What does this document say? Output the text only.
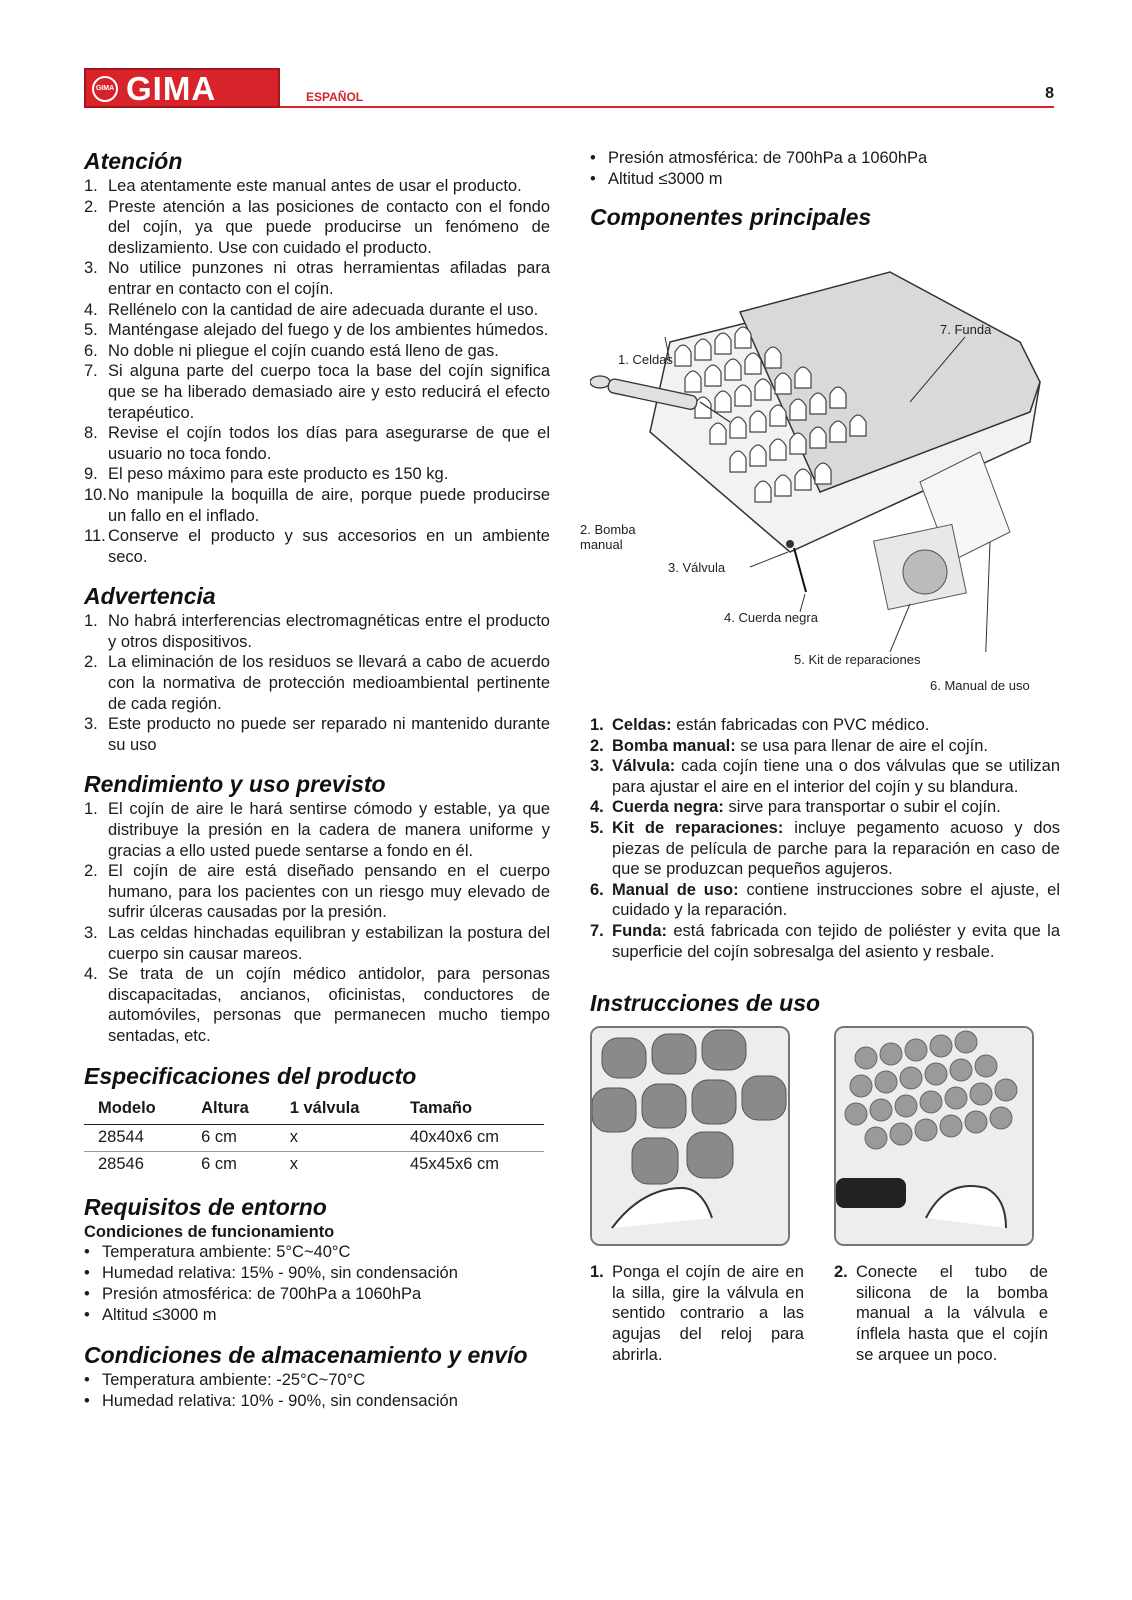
GIMA GIMA	ESPAÑOL	8
Atención
1. Lea atentamente este manual antes de usar el producto.
2. Preste atención a las posiciones de contacto con el fondo del cojín, ya que puede producirse un fenómeno de deslizamiento. Use con cuidado el producto.
3. No utilice punzones ni otras herramientas afiladas para entrar en contacto con el cojín.
4. Rellénelo con la cantidad de aire adecuada durante el uso.
5. Manténgase alejado del fuego y de los ambientes húmedos.
6. No doble ni pliegue el cojín cuando está lleno de gas.
7. Si alguna parte del cuerpo toca la base del cojín significa que se ha liberado demasiado aire y esto reducirá el efecto terapéutico.
8. Revise el cojín todos los días para asegurarse de que el usuario no toca fondo.
9. El peso máximo para este producto es 150 kg.
10. No manipule la boquilla de aire, porque puede producirse un fallo en el inflado.
11. Conserve el producto y sus accesorios en un ambiente seco.
Advertencia
1. No habrá interferencias electromagnéticas entre el producto y otros dispositivos.
2. La eliminación de los residuos se llevará a cabo de acuerdo con la normativa de protección medioambiental pertinente de cada región.
3. Este producto no puede ser reparado ni mantenido durante su uso
Rendimiento y uso previsto
1. El cojín de aire le hará sentirse cómodo y estable, ya que distribuye la presión en la cadera de manera uniforme y gracias a ello usted puede sentarse a fondo en él.
2. El cojín de aire está diseñado pensando en el cuerpo humano, para los pacientes con un riesgo muy elevado de sufrir úlceras causadas por la presión.
3. Las celdas hinchadas equilibran y estabilizan la postura del cuerpo sin causar mareos.
4. Se trata de un cojín médico antidolor, para personas discapacitadas, ancianos, oficinistas, conductores de automóviles, personas que permanecen mucho tiempo sentadas, etc.
Especificaciones del producto
Modelo	Altura	1 válvula	Tamaño
28544	6 cm	x	40x40x6 cm
28546	6 cm	x	45x45x6 cm
Requisitos de entorno
Condiciones de funcionamiento
• Temperatura ambiente: 5°C~40°C
• Humedad relativa: 15% - 90%, sin condensación
• Presión atmosférica: de 700hPa a 1060hPa
• Altitud ≤3000 m
Condiciones de almacenamiento y envío
• Temperatura ambiente: -25°C~70°C
• Humedad relativa: 10% - 90%, sin condensación
• Presión atmosférica: de 700hPa a 1060hPa
• Altitud ≤3000 m
Componentes principales
7. Funda
1. Celdas
2. Bomba
manual
3. Válvula
4. Cuerda negra
5. Kit de reparaciones
6. Manual de uso
1. Celdas: están fabricadas con PVC médico.
2. Bomba manual: se usa para llenar de aire el cojín.
3. Válvula: cada cojín tiene una o dos válvulas que se utilizan para ajustar el aire en el interior del cojín y su blandura.
4. Cuerda negra: sirve para transportar o subir el cojín.
5. Kit de reparaciones: incluye pegamento acuoso y dos piezas de película de parche para la reparación en caso de que se produzcan pequeños agujeros.
6. Manual de uso: contiene instrucciones sobre el ajuste, el cuidado y la reparación.
7. Funda: está fabricada con tejido de poliéster y evita que la superficie del cojín sobresalga del asiento y resbale.
Instrucciones de uso
1. Ponga el cojín de aire en la silla, gire la válvula en sentido contrario a las agujas del reloj para abrirla.
2. Conecte el tubo de silicona de la bomba manual a la válvula e ínflela hasta que el cojín se arquee un poco.
